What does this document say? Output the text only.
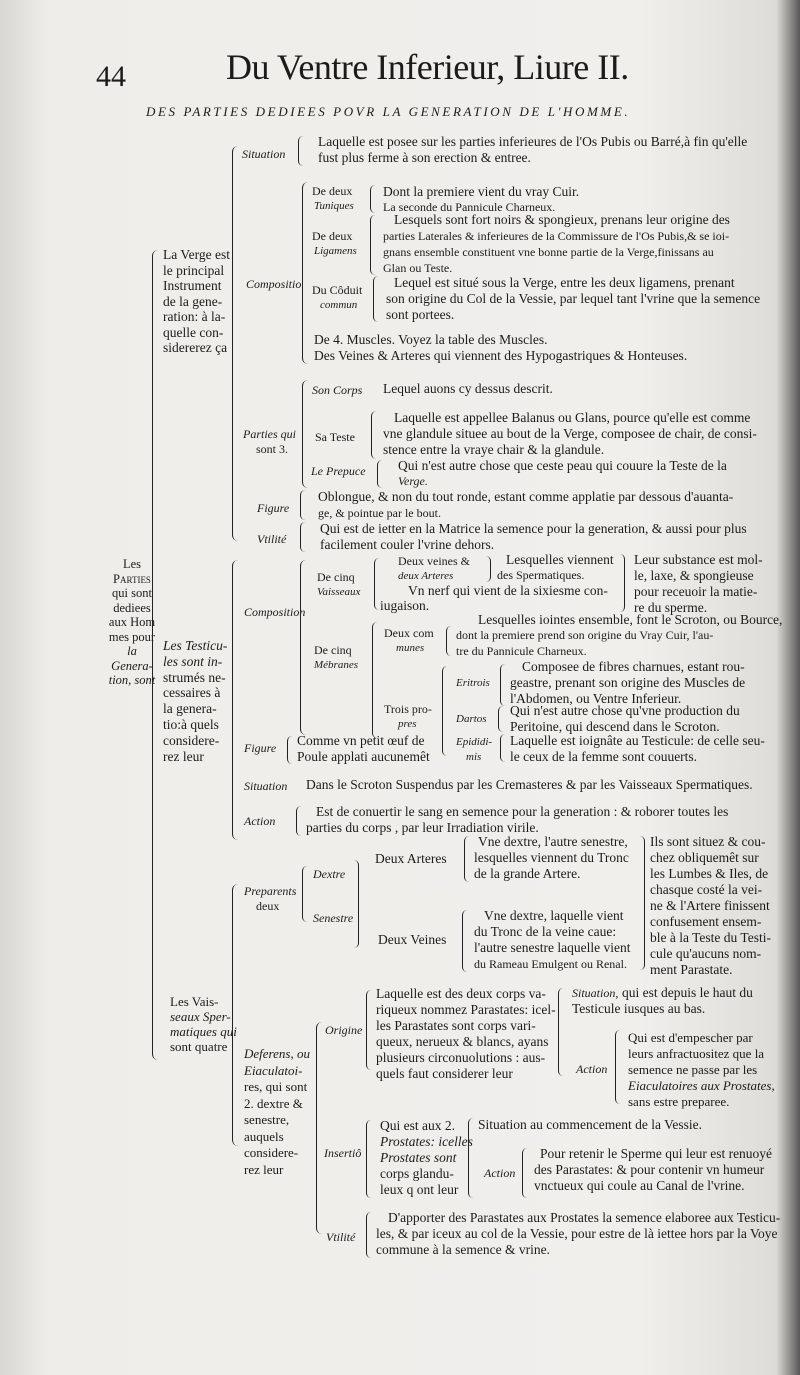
44	Du Ventre Inferieur, Liure II.
DES PARTIES DEDIEES POVR LA GENERATION DE L'HOMME.
Les
Parties
qui sont
dediees
aux Hom
mes pour
la Genera-
tion, sont
La Verge est
le principal
Instrument
de la gene-
ration: à la-
quelle con-
sidererez ça
Situation
Laquelle est posee sur les parties inferieures de l'Os Pubis ou Barré,à fin qu'elle
fust plus ferme à son erection & entree.
Compositio
De deux
Tuniques
Dont la premiere vient du vray Cuir.
La seconde du Pannicule Charneux.
De deux
Ligamens
Lesquels sont fort noirs & spongieux, prenans leur origine des
parties Laterales & inferieures de la Commissure de l'Os Pubis,& se ioi-
gnans ensemble constituent vne bonne partie de la Verge,finissans au
Glan ou Teste.
Du Côduit
commun
Lequel est situé sous la Verge, entre les deux ligamens, prenant
son origine du Col de la Vessie, par lequel tant l'vrine que la semence
sont portees.
De 4. Muscles. Voyez la table des Muscles.
Des Veines & Arteres qui viennent des Hypogastriques & Honteuses.
Parties qui
sont 3.
Son Corps Lequel auons cy dessus descrit.
Sa Teste
Laquelle est appellee Balanus ou Glans, pource qu'elle est comme
vne glandule situee au bout de la Verge, composee de chair, de consi-
stence entre la vraye chair & la glandule.
Le Prepuce Qui n'est autre chose que ceste peau qui couure la Teste de la
Verge.
Figure
Oblongue, & non du tout ronde, estant comme applatie par dessous d'auanta-
ge, & pointue par le bout.
Vtilité
Qui est de ietter en la Matrice la semence pour la generation, & aussi pour plus
facilement couler l'vrine dehors.
Les Testicu-
les sont in-
strumés ne-
cessaires à
la genera-
tio:à quels
considere-
rez leur
Composition
De cinq
Vaisseaux
Deux veines &
deux Arteres
Lesquelles viennent
des Spermatiques.
Vn nerf qui vient de la sixiesme con-
iugaison.
Leur substance est mol-
le, laxe, & spongieuse
pour receuoir la matie-
re du sperme.
De cinq
Mébranes
Deux com
munes
Lesquelles iointes ensemble, font le Scroton, ou Bource,
dont la premiere prend son origine du Vray Cuir, l'au-
tre du Pannicule Charneux.
Trois pro-
pres
Eritrois
Composee de fibres charnues, estant rou-
geastre, prenant son origine des Muscles de
l'Abdomen, ou Ventre Inferieur.
Dartos
Qui n'est autre chose qu'vne production du
Peritoine, qui descend dans le Scroton.
Epididi-
mis
Laquelle est ioignâte au Testicule: de celle seu-
le ceux de la femme sont couuerts.
Figure Comme vn petit œuf de
Poule applati aucunemêt
Situation Dans le Scroton Suspendus par les Cremasteres & par les Vaisseaux Spermatiques.
Action
Est de conuertir le sang en semence pour la generation : & roborer toutes les
parties du corps , par leur Irradiation virile.
Les Vais-
seaux Sper-
matiques qui
sont quatre
Preparents
deux
Dextre
Senestre
Deux Arteres
Vne dextre, l'autre senestre,
lesquelles viennent du Tronc
de la grande Artere.
Deux Veines
Vne dextre, laquelle vient
du Tronc de la veine caue:
l'autre senestre laquelle vient
du Rameau Emulgent ou Renal.
Ils sont situez & cou-
chez obliquemêt sur
les Lumbes & Iles, de
chasque costé la vei-
ne & l'Artere finissent
confusement ensem-
ble à la Teste du Testi-
cule qu'aucuns nom-
ment Parastate.
Deferens, ou
Eiaculatoi-
res, qui sont
2. dextre &
senestre,
auquels
considere-
rez leur
Origine
Laquelle est des deux corps va-
riqueux nommez Parastates: icel-
les Parastates sont corps vari-
queux, nerueux & blancs, ayans
plusieurs circonuolutions : aus-
quels faut considerer leur
Situation, qui est depuis le haut du
Testicule iusques au bas.
Action
Qui est d'empescher par
leurs anfractuositez que la
semence ne passe par les
Eiaculatoires aux Prostates,
sans estre preparee.
Insertiô
Qui est aux 2.
Prostates: icelles
Prostates sont
corps glandu-
leux q ont leur
Situation au commencement de la Vessie.
Action
Pour retenir le Sperme qui leur est renuoyé
des Parastates: & pour contenir vn humeur
vnctueux qui coule au Canal de l'vrine.
Vtilité
D'apporter des Parastates aux Prostates la semence elaboree aux Testicu-
les, & par iceux au col de la Vessie, pour estre de là iettee hors par la Voye
commune à la semence & vrine.
